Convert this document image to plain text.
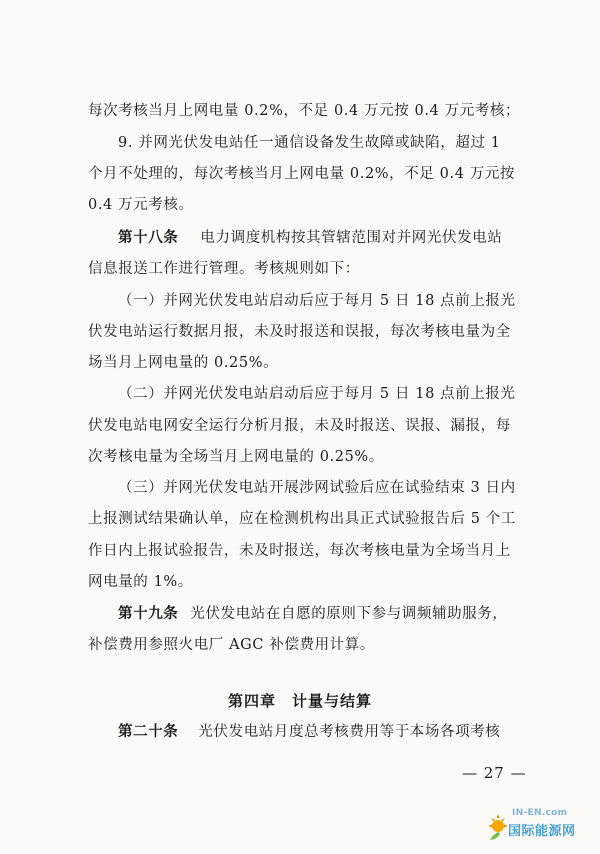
每次考核当月上网电量 0.2%，不足 0.4 万元按 0.4 万元考核；
9. 并网光伏发电站任一通信设备发生故障或缺陷，超过 1
个月不处理的，每次考核当月上网电量 0.2%，不足 0.4 万元按
0.4 万元考核。
第十八条 电力调度机构按其管辖范围对并网光伏发电站
信息报送工作进行管理。考核规则如下：
（一）并网光伏发电站启动后应于每月 5 日 18 点前上报光
伏发电站运行数据月报，未及时报送和误报，每次考核电量为全
场当月上网电量的 0.25%。
（二）并网光伏发电站启动后应于每月 5 日 18 点前上报光
伏发电站电网安全运行分析月报，未及时报送、误报、漏报，每
次考核电量为全场当月上网电量的 0.25%。
（三）并网光伏发电站开展涉网试验后应在试验结束 3 日内
上报测试结果确认单，应在检测机构出具正式试验报告后 5 个工
作日内上报试验报告，未及时报送，每次考核电量为全场当月上
网电量的 1%。
第十九条 光伏发电站在自愿的原则下参与调频辅助服务，
补偿费用参照火电厂 AGC 补偿费用计算。
第四章　计量与结算
第二十条 光伏发电站月度总考核费用等于本场各项考核
— 27 —
IN-EN.com
国际能源网
